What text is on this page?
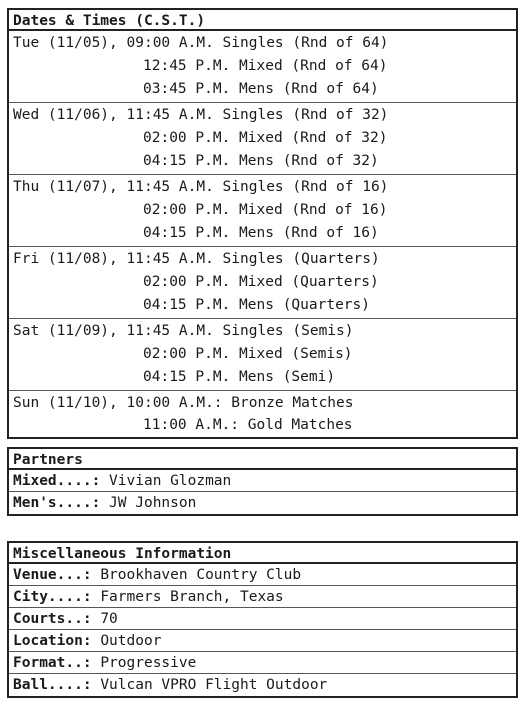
Dates & Times (C.S.T.)
Tue (11/05), 09:00 A.M. Singles (Rnd of 64)
12:45 P.M. Mixed (Rnd of 64)
03:45 P.M. Mens (Rnd of 64)
Wed (11/06), 11:45 A.M. Singles (Rnd of 32)
02:00 P.M. Mixed (Rnd of 32)
04:15 P.M. Mens (Rnd of 32)
Thu (11/07), 11:45 A.M. Singles (Rnd of 16)
02:00 P.M. Mixed (Rnd of 16)
04:15 P.M. Mens (Rnd of 16)
Fri (11/08), 11:45 A.M. Singles (Quarters)
02:00 P.M. Mixed (Quarters)
04:15 P.M. Mens (Quarters)
Sat (11/09), 11:45 A.M. Singles (Semis)
02:00 P.M. Mixed (Semis)
04:15 P.M. Mens (Semi)
Sun (11/10), 10:00 A.M.: Bronze Matches
11:00 A.M.: Gold Matches
Partners
Mixed....: Vivian Glozman
Men's....: JW Johnson
Miscellaneous Information
Venue...: Brookhaven Country Club
City....: Farmers Branch, Texas
Courts..: 70
Location: Outdoor
Format..: Progressive
Ball....: Vulcan VPRO Flight Outdoor
